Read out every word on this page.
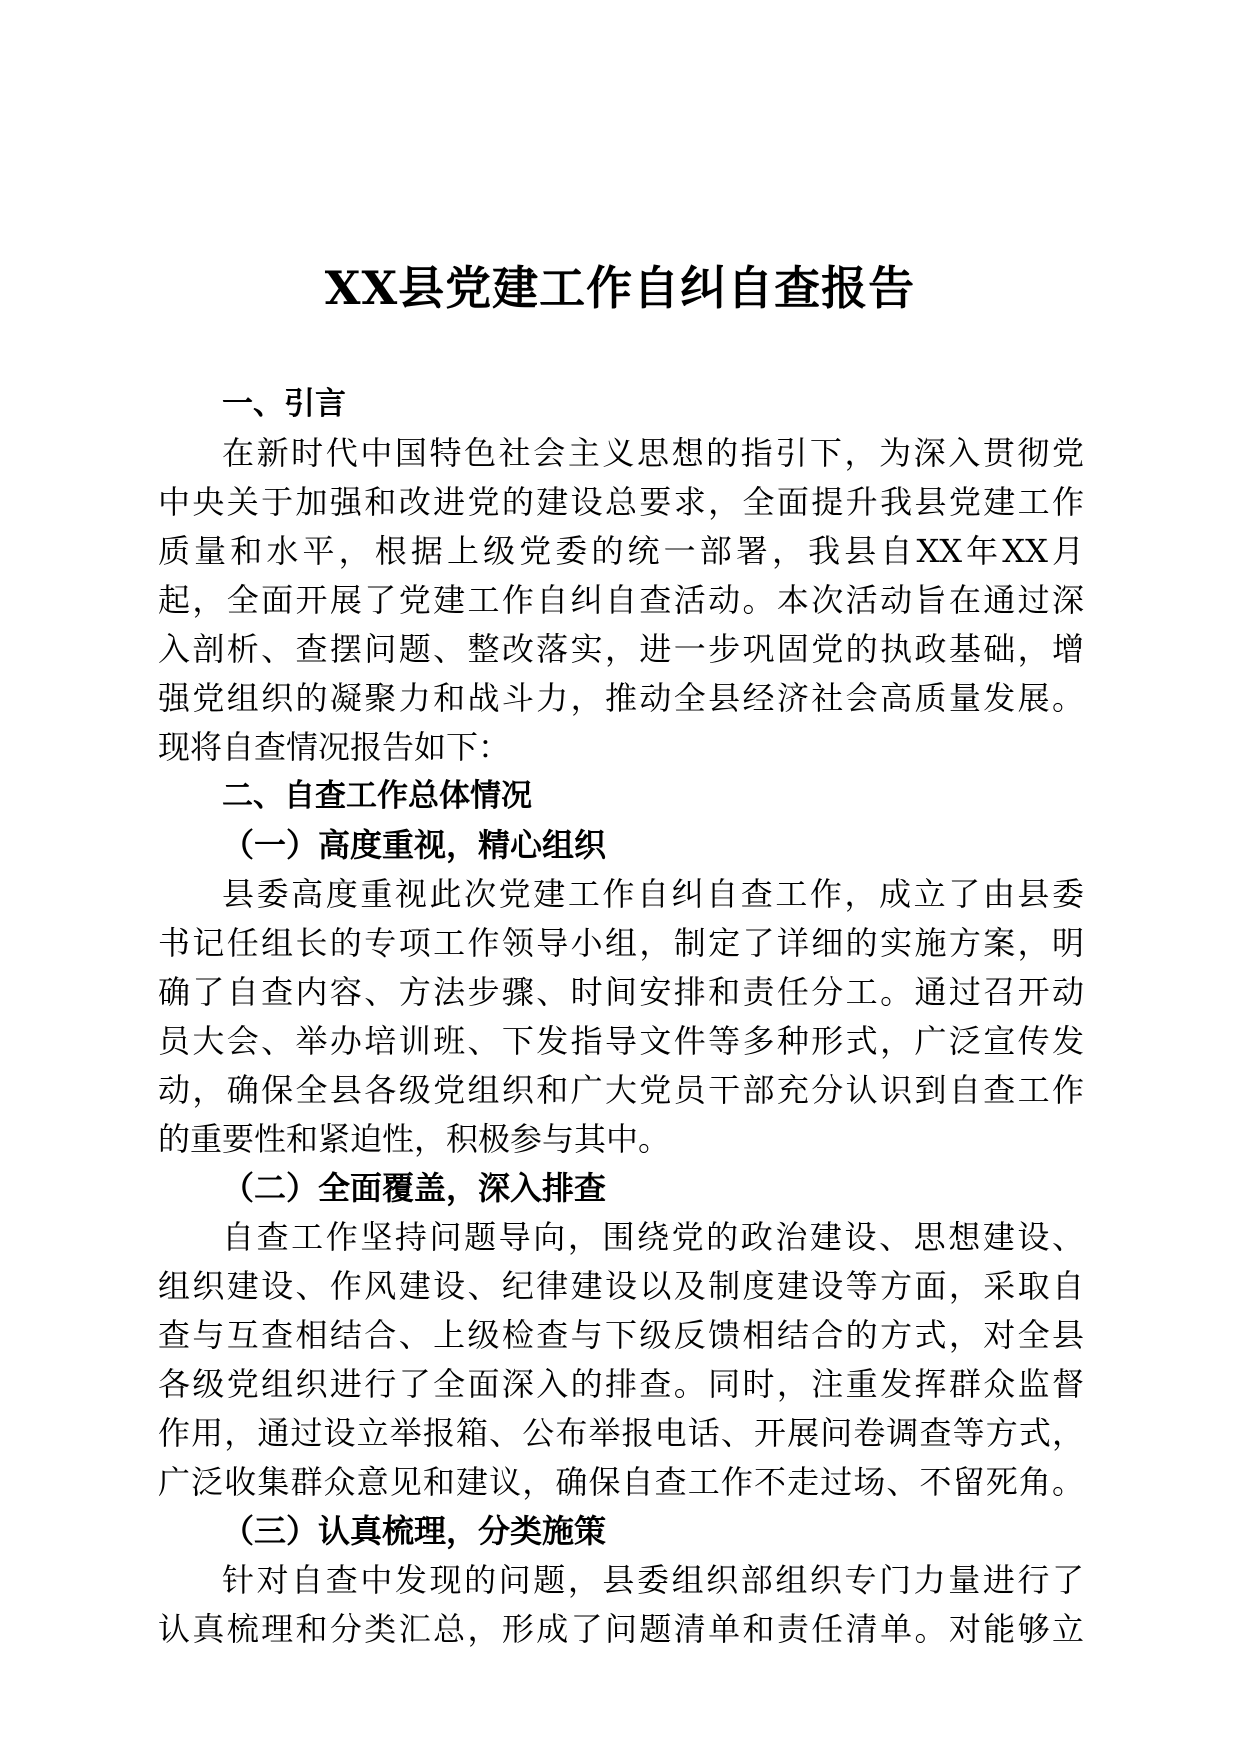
XX县党建工作自纠自查报告
一、引言
在新时代中国特色社会主义思想的指引下，为深入贯彻党
中央关于加强和改进党的建设总要求，全面提升我县党建工作
质量和水平，根据上级党委的统一部署，我县自XX年XX月
起，全面开展了党建工作自纠自查活动。本次活动旨在通过深
入剖析、查摆问题、整改落实，进一步巩固党的执政基础，增
强党组织的凝聚力和战斗力，推动全县经济社会高质量发展。
现将自查情况报告如下：
二、自查工作总体情况
（一）高度重视，精心组织
县委高度重视此次党建工作自纠自查工作，成立了由县委
书记任组长的专项工作领导小组，制定了详细的实施方案，明
确了自查内容、方法步骤、时间安排和责任分工。通过召开动
员大会、举办培训班、下发指导文件等多种形式，广泛宣传发
动，确保全县各级党组织和广大党员干部充分认识到自查工作
的重要性和紧迫性，积极参与其中。
（二）全面覆盖，深入排查
自查工作坚持问题导向，围绕党的政治建设、思想建设、
组织建设、作风建设、纪律建设以及制度建设等方面，采取自
查与互查相结合、上级检查与下级反馈相结合的方式，对全县
各级党组织进行了全面深入的排查。同时，注重发挥群众监督
作用，通过设立举报箱、公布举报电话、开展问卷调查等方式，
广泛收集群众意见和建议，确保自查工作不走过场、不留死角。
（三）认真梳理，分类施策
针对自查中发现的问题，县委组织部组织专门力量进行了
认真梳理和分类汇总，形成了问题清单和责任清单。对能够立
